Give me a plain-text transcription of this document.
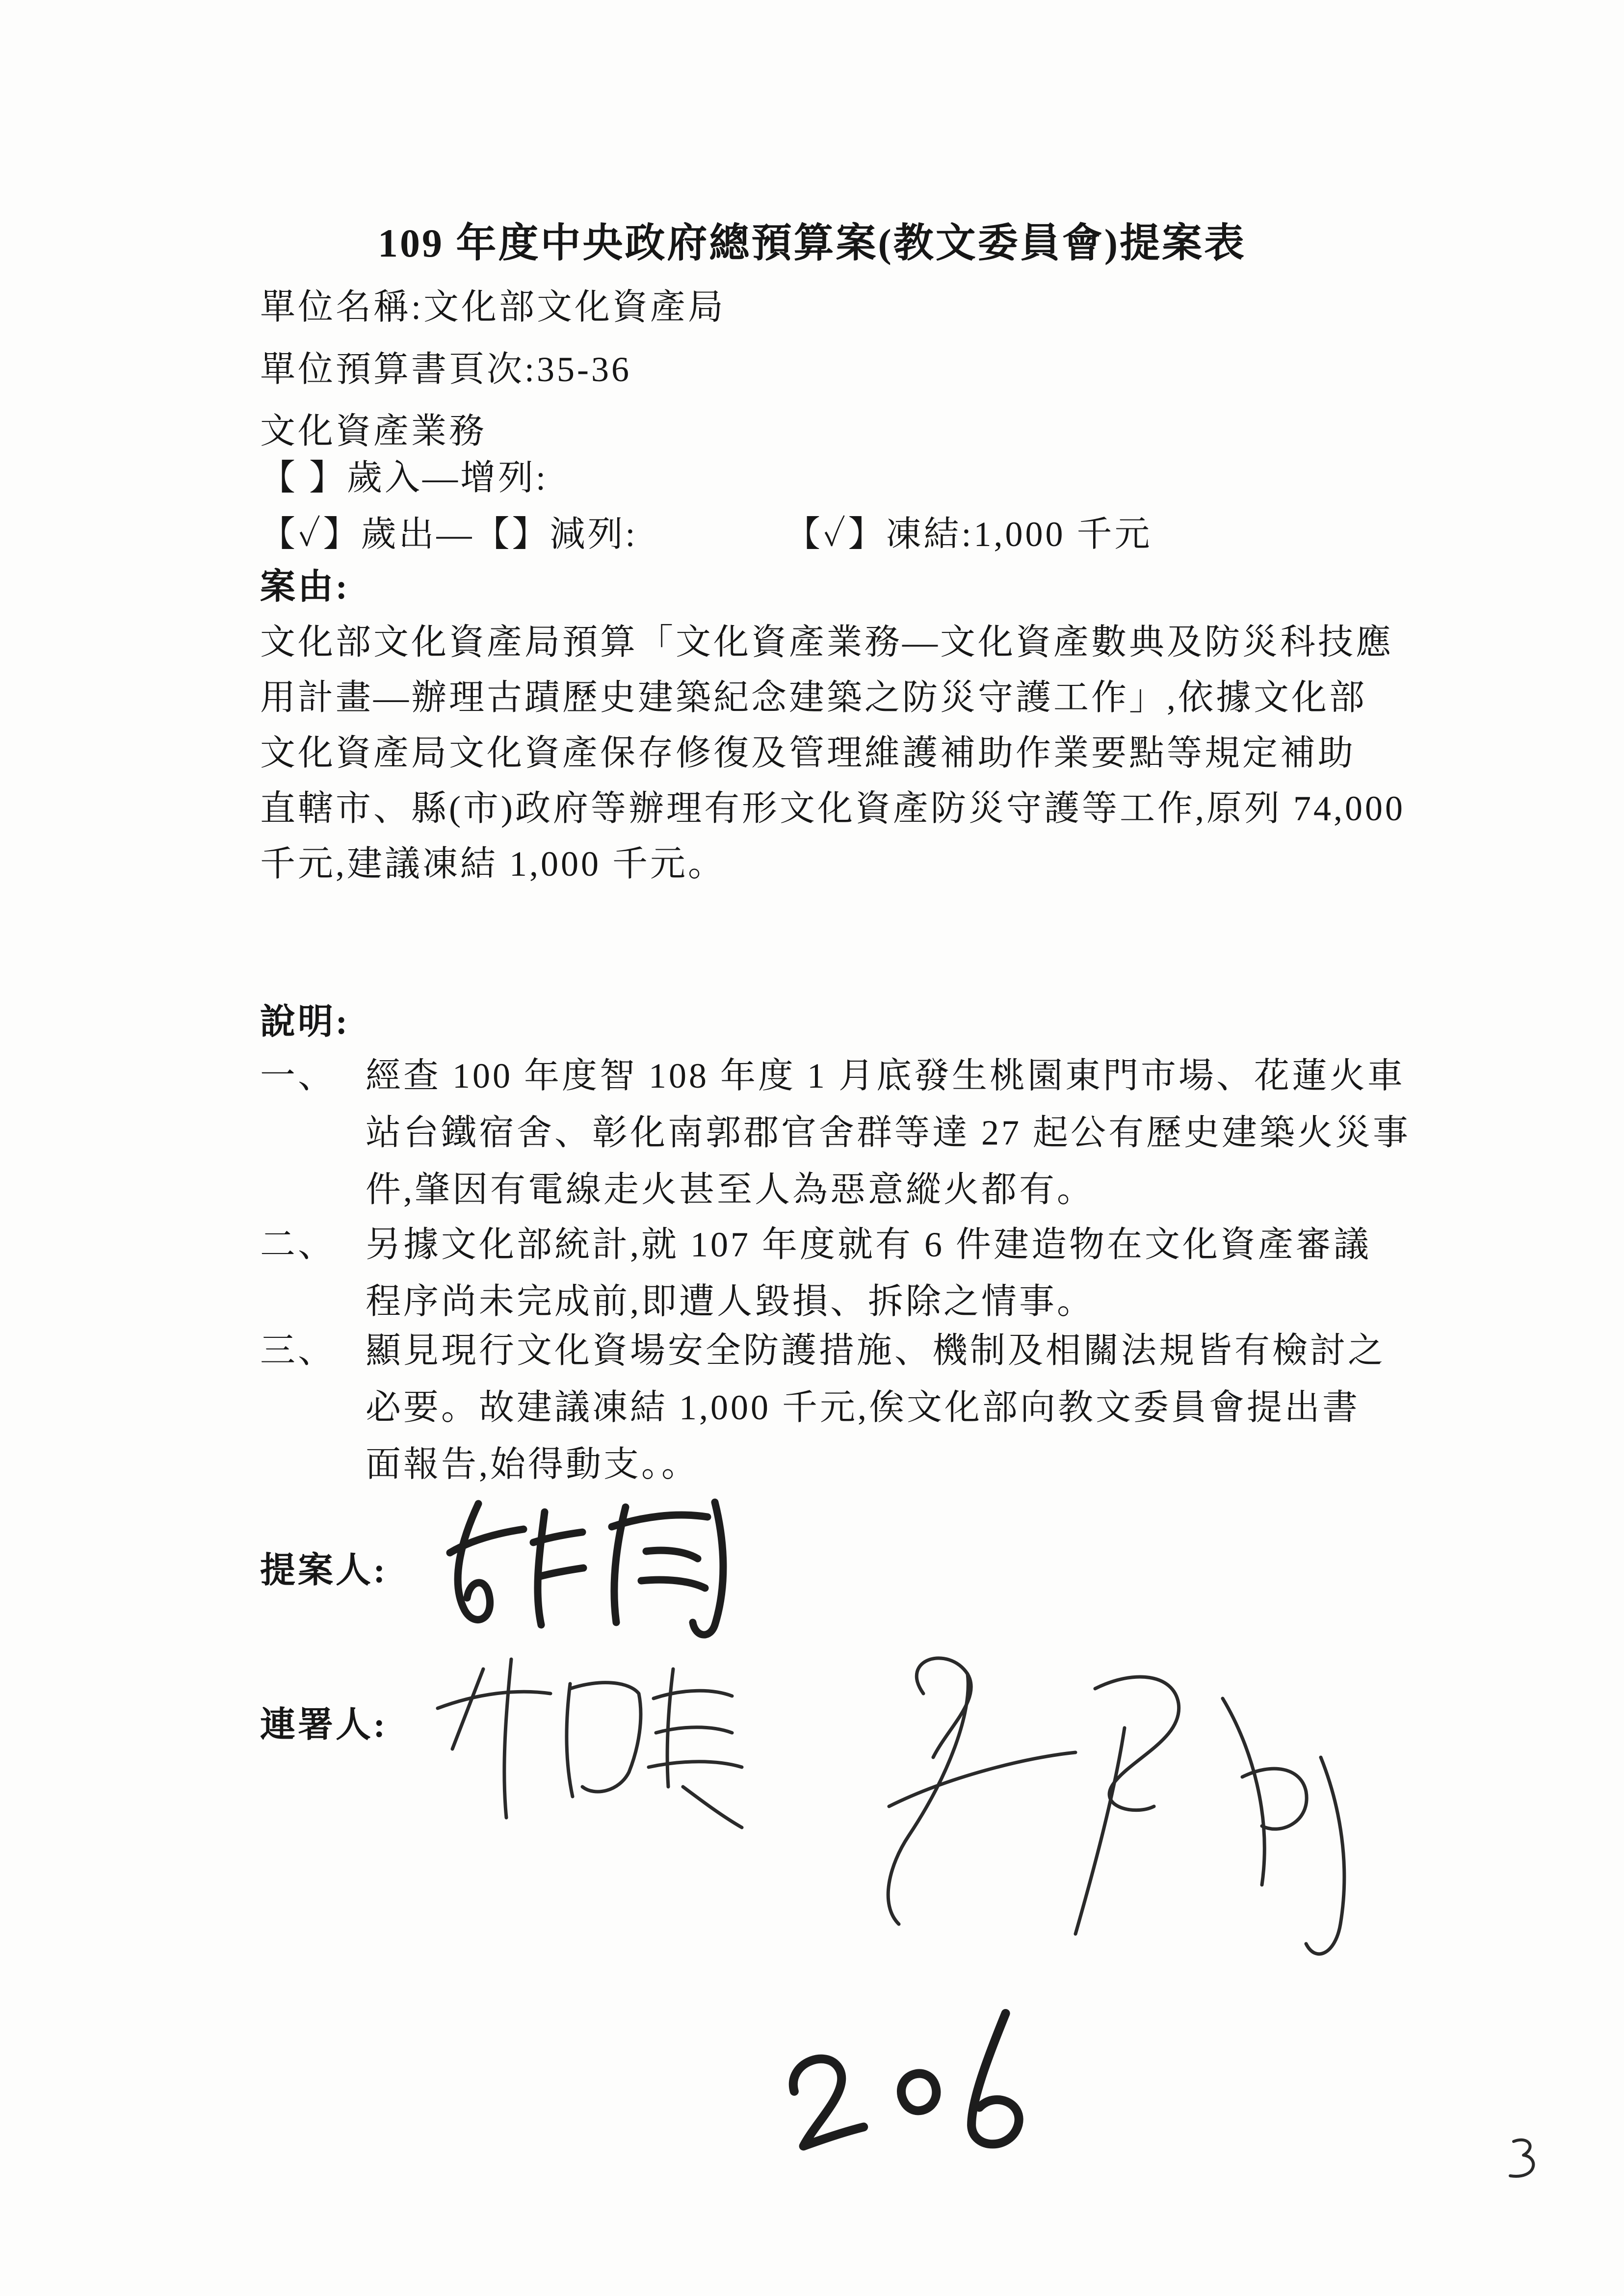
109 年度中央政府總預算案(教文委員會)提案表
單位名稱:文化部文化資產局
單位預算書頁次:35-36
文化資產業務
【 】歲入—增列:
【✓】歲出—【】減列:	【✓】凍結:1,000 千元
案由:
文化部文化資產局預算「文化資產業務—文化資產數典及防災科技應
用計畫—辦理古蹟歷史建築紀念建築之防災守護工作」,依據文化部
文化資產局文化資產保存修復及管理維護補助作業要點等規定補助
直轄市、縣(市)政府等辦理有形文化資產防災守護等工作,原列 74,000
千元,建議凍結 1,000 千元。
說明:
一、 經查 100 年度智 108 年度 1 月底發生桃園東門市場、花蓮火車
站台鐵宿舍、彰化南郭郡官舍群等達 27 起公有歷史建築火災事
件,肇因有電線走火甚至人為惡意縱火都有。
二、 另據文化部統計,就 107 年度就有 6 件建造物在文化資產審議
程序尚未完成前,即遭人毀損、拆除之情事。
三、 顯見現行文化資場安全防護措施、機制及相關法規皆有檢討之
必要。故建議凍結 1,000 千元,俟文化部向教文委員會提出書
面報告,始得動支。。
提案人:
連署人:
